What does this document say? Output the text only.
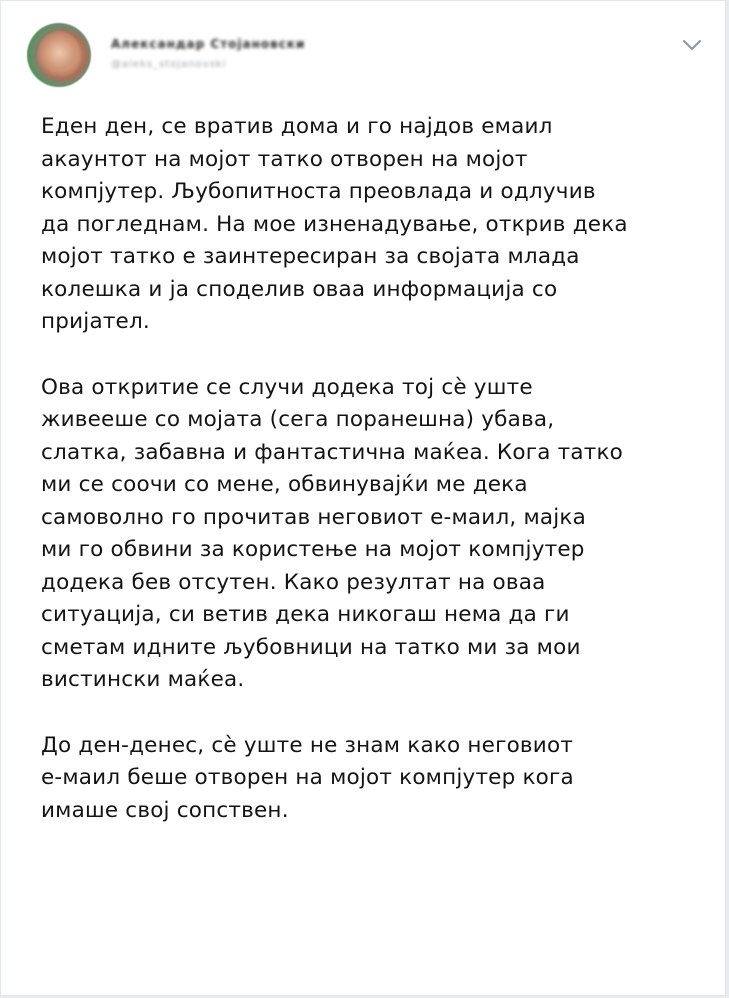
Александар Стојановски
@aleks_stojanovski

Еден ден, се вратив дома и го најдов емаил
акаунтот на мојот татко отворен на мојот
компјутер. Љубопитноста преовлада и одлучив
да погледнам. На мое изненадување, открив дека
мојот татко е заинтересиран за својата млада
колешка и ја споделив оваа информација со
пријател.

Ова откритие се случи додека тој сѐ уште
живееше со мојата (сега поранешна) убава,
слатка, забавна и фантастична маќеа. Кога татко
ми се соочи со мене, обвинувајќи ме дека
самоволно го прочитав неговиот е-маил, мајка
ми го обвини за користење на мојот компјутер
додека бев отсутен. Како резултат на оваа
ситуација, си ветив дека никогаш нема да ги
сметам идните љубовници на татко ми за мои
вистински маќеа.

До ден-денес, сѐ уште не знам како неговиот
е-маил беше отворен на мојот компјутер кога
имаше свој сопствен.
